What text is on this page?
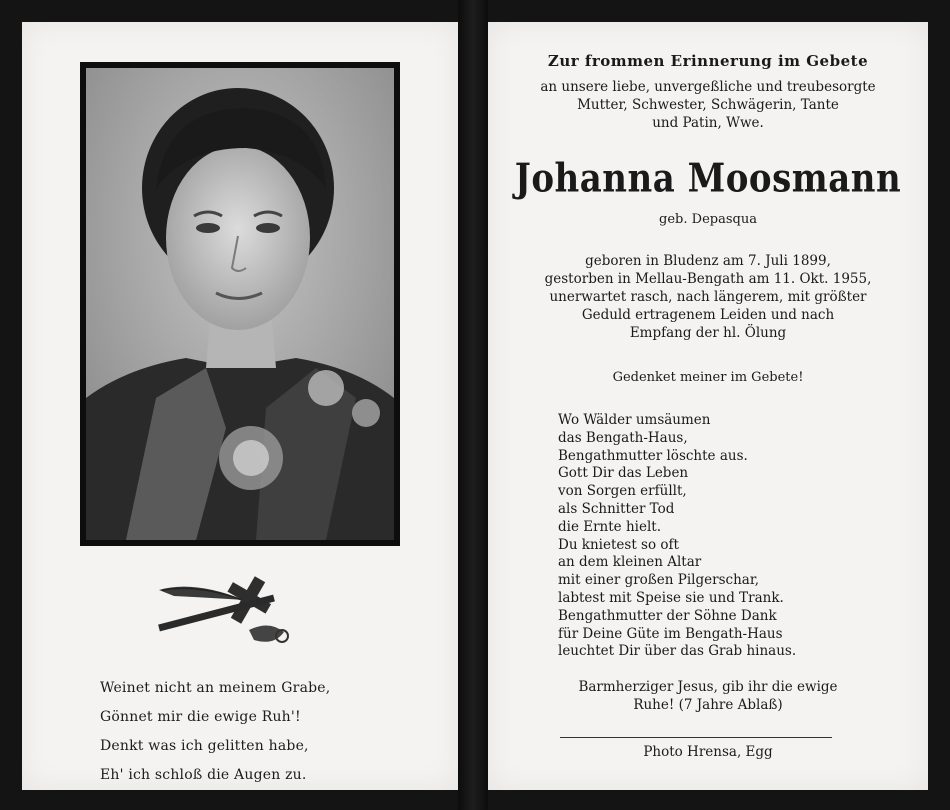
Weinet nicht an meinem Grabe,
Gönnet mir die ewige Ruh'!
Denkt was ich gelitten habe,
Eh' ich schloß die Augen zu.
Zur frommen Erinnerung im Gebete
an unsere liebe, unvergeßliche und treubesorgte
Mutter, Schwester, Schwägerin, Tante
und Patin, Wwe.
Johanna Moosmann
geb. Depasqua
geboren in Bludenz am 7. Juli 1899,
gestorben in Mellau-Bengath am 11. Okt. 1955,
unerwartet rasch, nach längerem, mit größter
Geduld ertragenem Leiden und nach
Empfang der hl. Ölung
Gedenket meiner im Gebete!
Wo Wälder umsäumen
das Bengath-Haus,
Bengathmutter löschte aus.
Gott Dir das Leben
von Sorgen erfüllt,
als Schnitter Tod
die Ernte hielt.
Du knietest so oft
an dem kleinen Altar
mit einer großen Pilgerschar,
labtest mit Speise sie und Trank.
Bengathmutter der Söhne Dank
für Deine Güte im Bengath-Haus
leuchtet Dir über das Grab hinaus.
Barmherziger Jesus, gib ihr die ewige
Ruhe! (7 Jahre Ablaß)
Photo Hrensa, Egg
